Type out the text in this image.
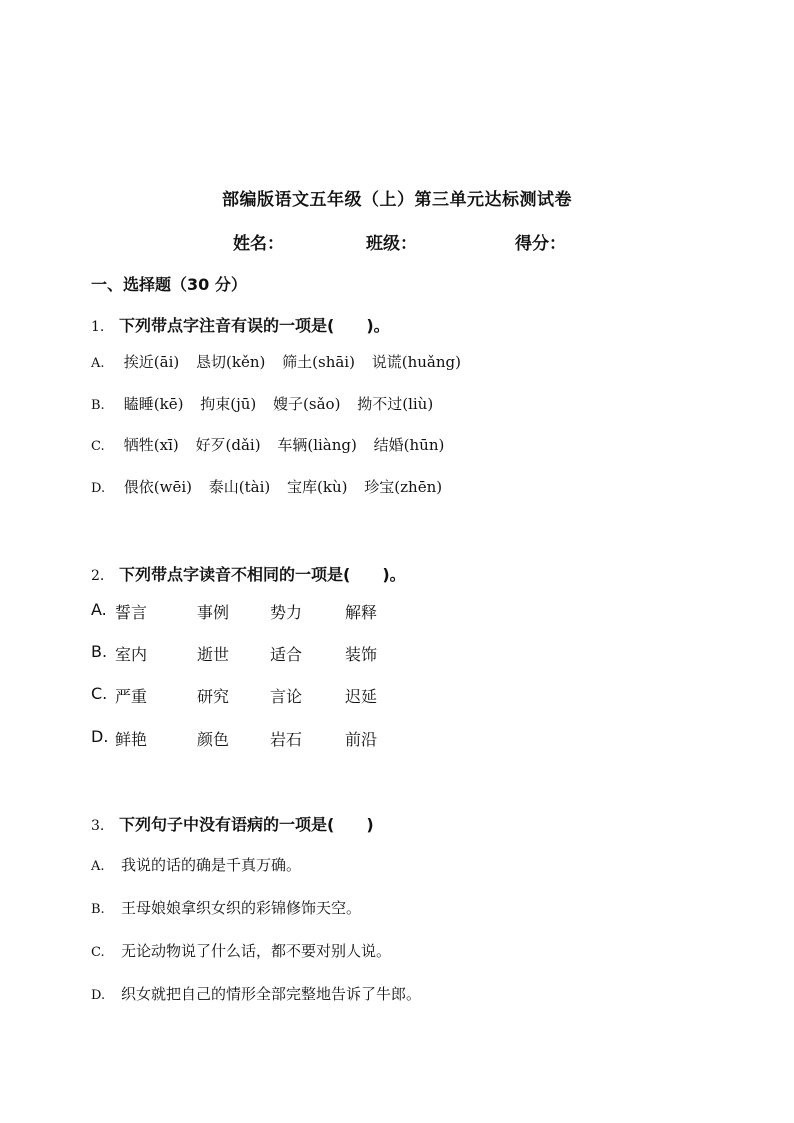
部编版语文五年级（上）第三单元达标测试卷
姓名：	班级：	得分：
一、选择题（30 分）
1. 下列带点字注音有误的一项是(　　)。
A. 挨近(āi) 恳切(kěn) 筛土(shāi) 说谎(huǎng)
B. 瞌睡(kē) 拘束(jū) 嫂子(sǎo) 拗不过(liù)
C. 牺牲(xī) 好歹(dǎi) 车辆(liàng) 结婚(hūn)
D. 偎依(wēi) 泰山(tài) 宝库(kù) 珍宝(zhēn)
2. 下列带点字读音不相同的一项是(　　)。
A. 誓言	事例	势力	解释
B. 室内	逝世	适合	装饰
C. 严重	研究	言论	迟延
D. 鲜艳	颜色	岩石	前沿
3. 下列句子中没有语病的一项是(　　)
A. 我说的话的确是千真万确。
B. 王母娘娘拿织女织的彩锦修饰天空。
C. 无论动物说了什么话，都不要对别人说。
D. 织女就把自己的情形全部完整地告诉了牛郎。
